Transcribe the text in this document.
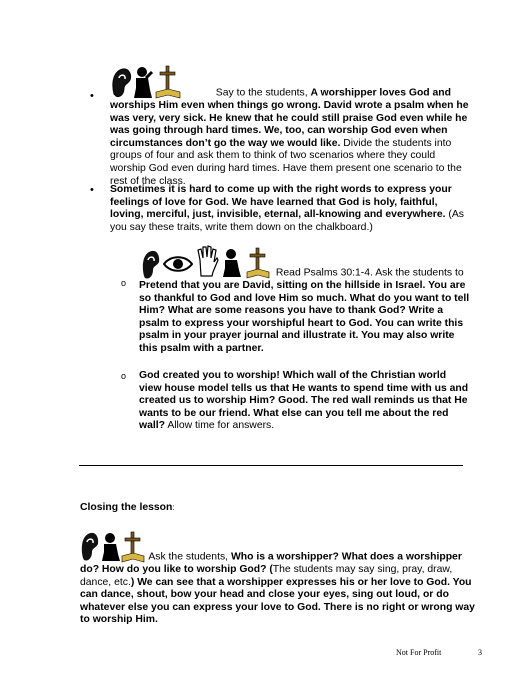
•
	Say to the students, A worshipper loves God and worships Him even when things go wrong. David wrote a psalm when he was very, very sick. He knew that he could still praise God even while he was going through hard times. We, too, can worship God even when circumstances don’t go the way we would like. Divide the students into groups of four and ask them to think of two scenarios where they could worship God even during hard times. Have them present one scenario to the rest of the class.
• Sometimes it is hard to come up with the right words to express your feelings of love for God. We have learned that God is holy, faithful, loving, merciful, just, invisible, eternal, all-knowing and everywhere. (As you say these traits, write them down on the chalkboard.)
o
Read Psalms 30:1-4. Ask the students to Pretend that you are David, sitting on the hillside in Israel. You are so thankful to God and love Him so much. What do you want to tell Him? What are some reasons you have to thank God? Write a psalm to express your worshipful heart to God. You can write this psalm in your prayer journal and illustrate it. You may also write this psalm with a partner.
o God created you to worship! Which wall of the Christian world view house model tells us that He wants to spend time with us and created us to worship Him? Good. The red wall reminds us that He wants to be our friend. What else can you tell me about the red wall? Allow time for answers.
Closing the lesson:
Ask the students, Who is a worshipper? What does a worshipper do? How do you like to worship God? (The students may say sing, pray, draw, dance, etc.) We can see that a worshipper expresses his or her love to God. You can dance, shout, bow your head and close your eyes, sing out loud, or do whatever else you can express your love to God. There is no right or wrong way to worship Him.
Not For Profit	3
